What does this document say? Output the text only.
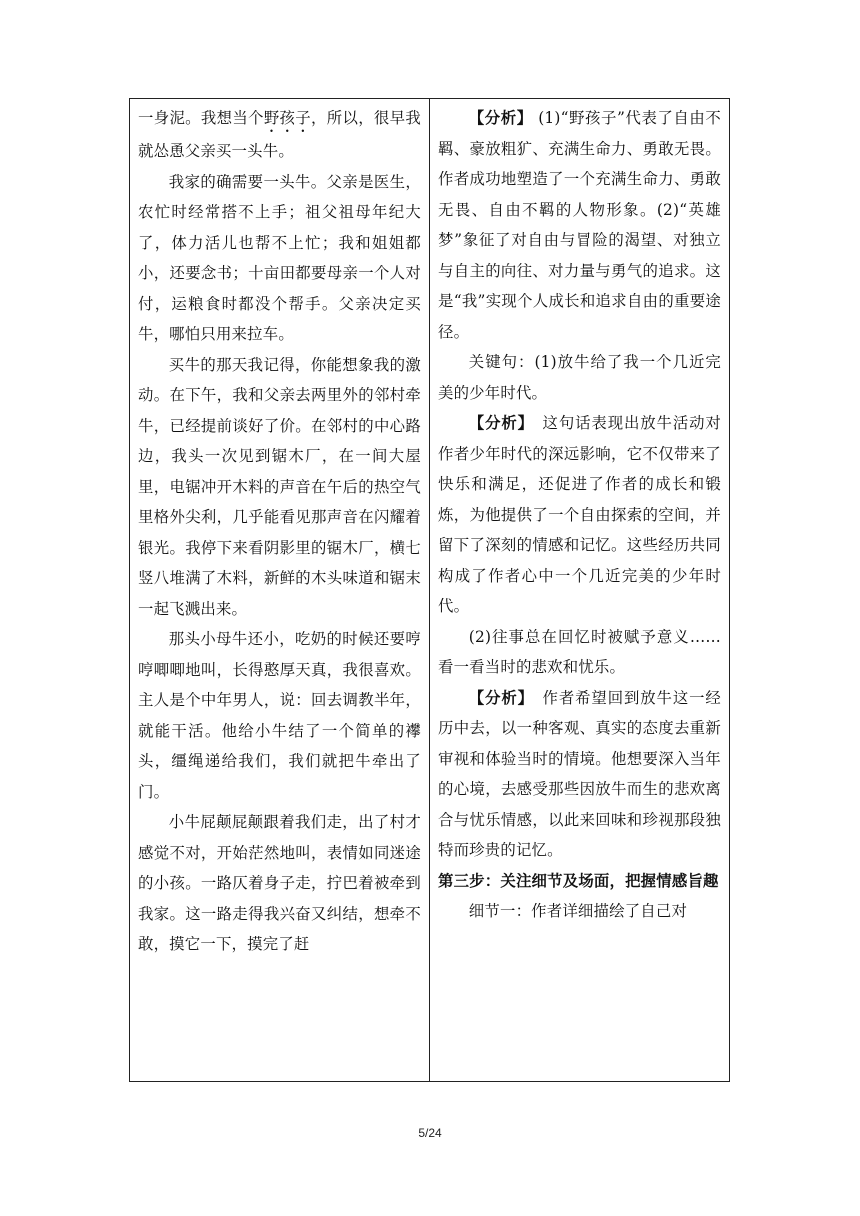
一身泥。我想当个野孩子，所以，很早我就怂恿父亲买一头牛。

我家的确需要一头牛。父亲是医生，农忙时经常搭不上手；祖父祖母年纪大了，体力活儿也帮不上忙；我和姐姐都小，还要念书；十亩田都要母亲一个人对付，运粮食时都没个帮手。父亲决定买牛，哪怕只用来拉车。

买牛的那天我记得，你能想象我的激动。在下午，我和父亲去两里外的邻村牵牛，已经提前谈好了价。在邻村的中心路边，我头一次见到锯木厂，在一间大屋里，电锯冲开木料的声音在午后的热空气里格外尖利，几乎能看见那声音在闪耀着银光。我停下来看阴影里的锯木厂，横七竖八堆满了木料，新鲜的木头味道和锯末一起飞溅出来。

那头小母牛还小，吃奶的时候还要哼哼唧唧地叫，长得憨厚天真，我很喜欢。主人是个中年男人，说：回去调教半年，就能干活。他给小牛结了一个简单的襻头，缰绳递给我们，我们就把牛牵出了门。

小牛屁颠屁颠跟着我们走，出了村才感觉不对，开始茫然地叫，表情如同迷途的小孩。一路仄着身子走，拧巴着被牵到我家。这一路走得我兴奋又纠结，想牵不敢，摸它一下，摸完了赶

【分析】 (1)“野孩子”代表了自由不羁、豪放粗犷、充满生命力、勇敢无畏。作者成功地塑造了一个充满生命力、勇敢无畏、自由不羁的人物形象。(2)“英雄梦”象征了对自由与冒险的渴望、对独立与自主的向往、对力量与勇气的追求。这是“我”实现个人成长和追求自由的重要途径。

关键句：(1)放牛给了我一个几近完美的少年时代。

【分析】　 这句话表现出放牛活动对作者少年时代的深远影响，它不仅带来了快乐和满足，还促进了作者的成长和锻炼，为他提供了一个自由探索的空间，并留下了深刻的情感和记忆。这些经历共同构成了作者心中一个几近完美的少年时代。

(2)往事总在回忆时被赋予意义……看一看当时的悲欢和忧乐。

【分析】　 作者希望回到放牛这一经历中去，以一种客观、真实的态度去重新审视和体验当时的情境。他想要深入当年的心境，去感受那些因放牛而生的悲欢离合与忧乐情感，以此来回味和珍视那段独特而珍贵的记忆。

第三步：关注细节及场面，把握情感旨趣

细节一：作者详细描绘了自己对

5/24
